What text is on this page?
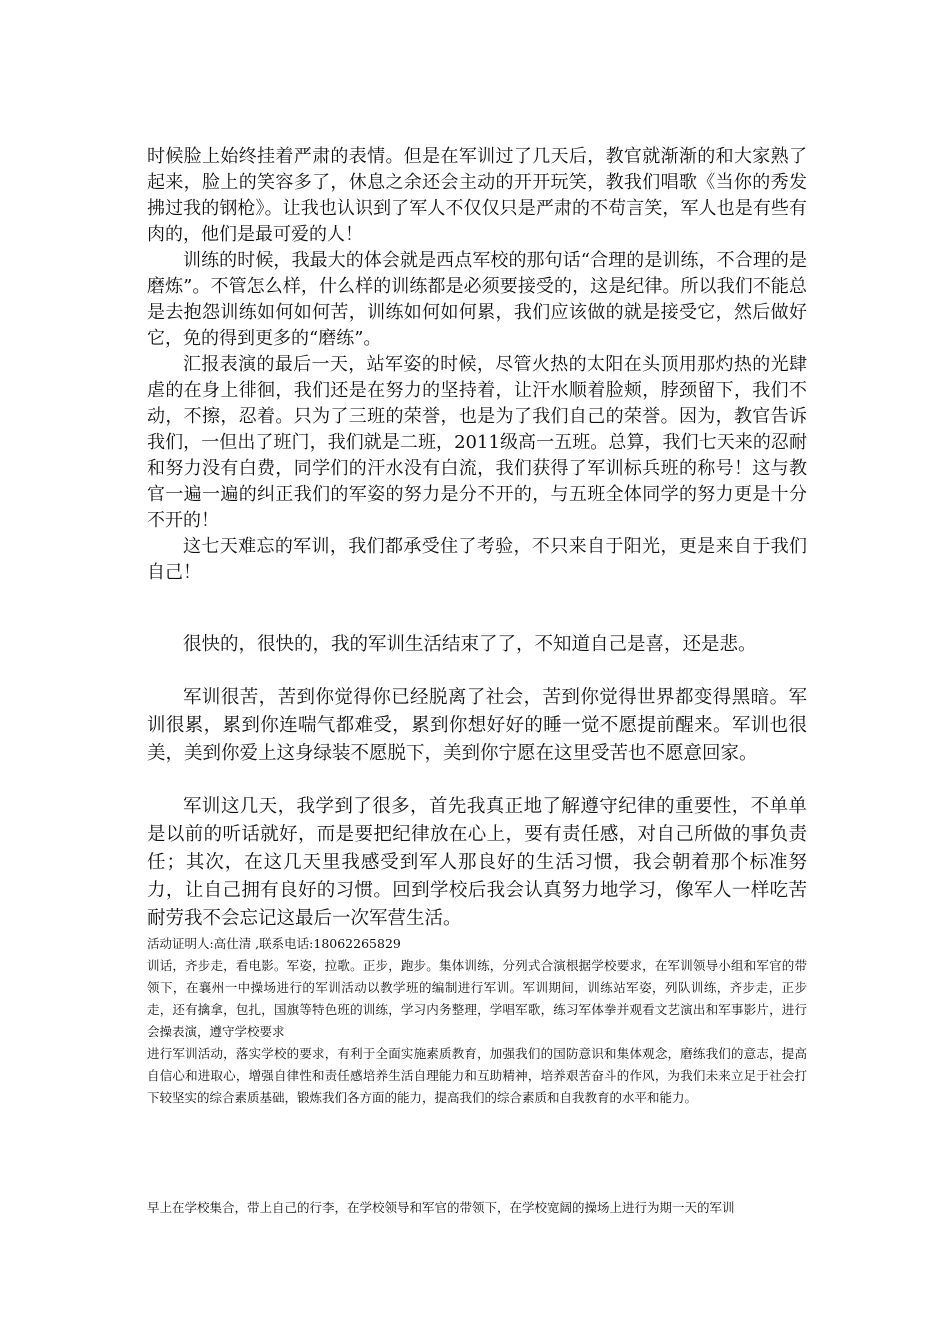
时候脸上始终挂着严肃的表情。但是在军训过了几天后，教官就渐渐的和大家熟了起来，脸上的笑容多了，休息之余还会主动的开开玩笑，教我们唱歌《当你的秀发拂过我的钢枪》。让我也认识到了军人不仅仅只是严肃的不苟言笑，军人也是有些有肉的，他们是最可爱的人！

训练的时候，我最大的体会就是西点军校的那句话“合理的是训练，不合理的是磨炼”。不管怎么样，什么样的训练都是必须要接受的，这是纪律。所以我们不能总是去抱怨训练如何如何苦，训练如何如何累，我们应该做的就是接受它，然后做好它，免的得到更多的“磨练”。

汇报表演的最后一天，站军姿的时候，尽管火热的太阳在头顶用那灼热的光肆虐的在身上徘徊，我们还是在努力的坚持着，让汗水顺着脸颊，脖颈留下，我们不动，不擦，忍着。只为了三班的荣誉，也是为了我们自己的荣誉。因为，教官告诉我们，一但出了班门，我们就是二班，2011级高一五班。总算，我们七天来的忍耐和努力没有白费，同学们的汗水没有白流，我们获得了军训标兵班的称号！这与教官一遍一遍的纠正我们的军姿的努力是分不开的，与五班全体同学的努力更是十分不开的！

这七天难忘的军训，我们都承受住了考验，不只来自于阳光，更是来自于我们自己！

很快的，很快的，我的军训生活结束了了，不知道自己是喜，还是悲。

军训很苦，苦到你觉得你已经脱离了社会，苦到你觉得世界都变得黑暗。军训很累，累到你连喘气都难受，累到你想好好的睡一觉不愿提前醒来。军训也很美，美到你爱上这身绿装不愿脱下，美到你宁愿在这里受苦也不愿意回家。

军训这几天，我学到了很多，首先我真正地了解遵守纪律的重要性，不单单是以前的听话就好，而是要把纪律放在心上，要有责任感，对自己所做的事负责任；其次，在这几天里我感受到军人那良好的生活习惯，我会朝着那个标准努力，让自己拥有良好的习惯。回到学校后我会认真努力地学习，像军人一样吃苦耐劳我不会忘记这最后一次军营生活。

活动证明人:高仕清 ,联系电话:18062265829

训话，齐步走，看电影。军姿，拉歌。正步，跑步。集体训练，分列式合演根据学校要求，在军训领导小组和军官的带领下，在襄州一中操场进行的军训活动以教学班的编制进行军训。军训期间，训练站军姿，列队训练，齐步走，正步走，还有擒拿，包扎，国旗等特色班的训练，学习内务整理，学唱军歌，练习军体拳并观看文艺演出和军事影片，进行会操表演，遵守学校要求

进行军训活动，落实学校的要求，有利于全面实施素质教育，加强我们的国防意识和集体观念，磨练我们的意志，提高自信心和进取心，增强自律性和责任感培养生活自理能力和互助精神，培养艰苦奋斗的作风，为我们未来立足于社会打下较坚实的综合素质基础，锻炼我们各方面的能力，提高我们的综合素质和自我教育的水平和能力。

早上在学校集合，带上自己的行李，在学校领导和军官的带领下，在学校宽阔的操场上进行为期一天的军训
